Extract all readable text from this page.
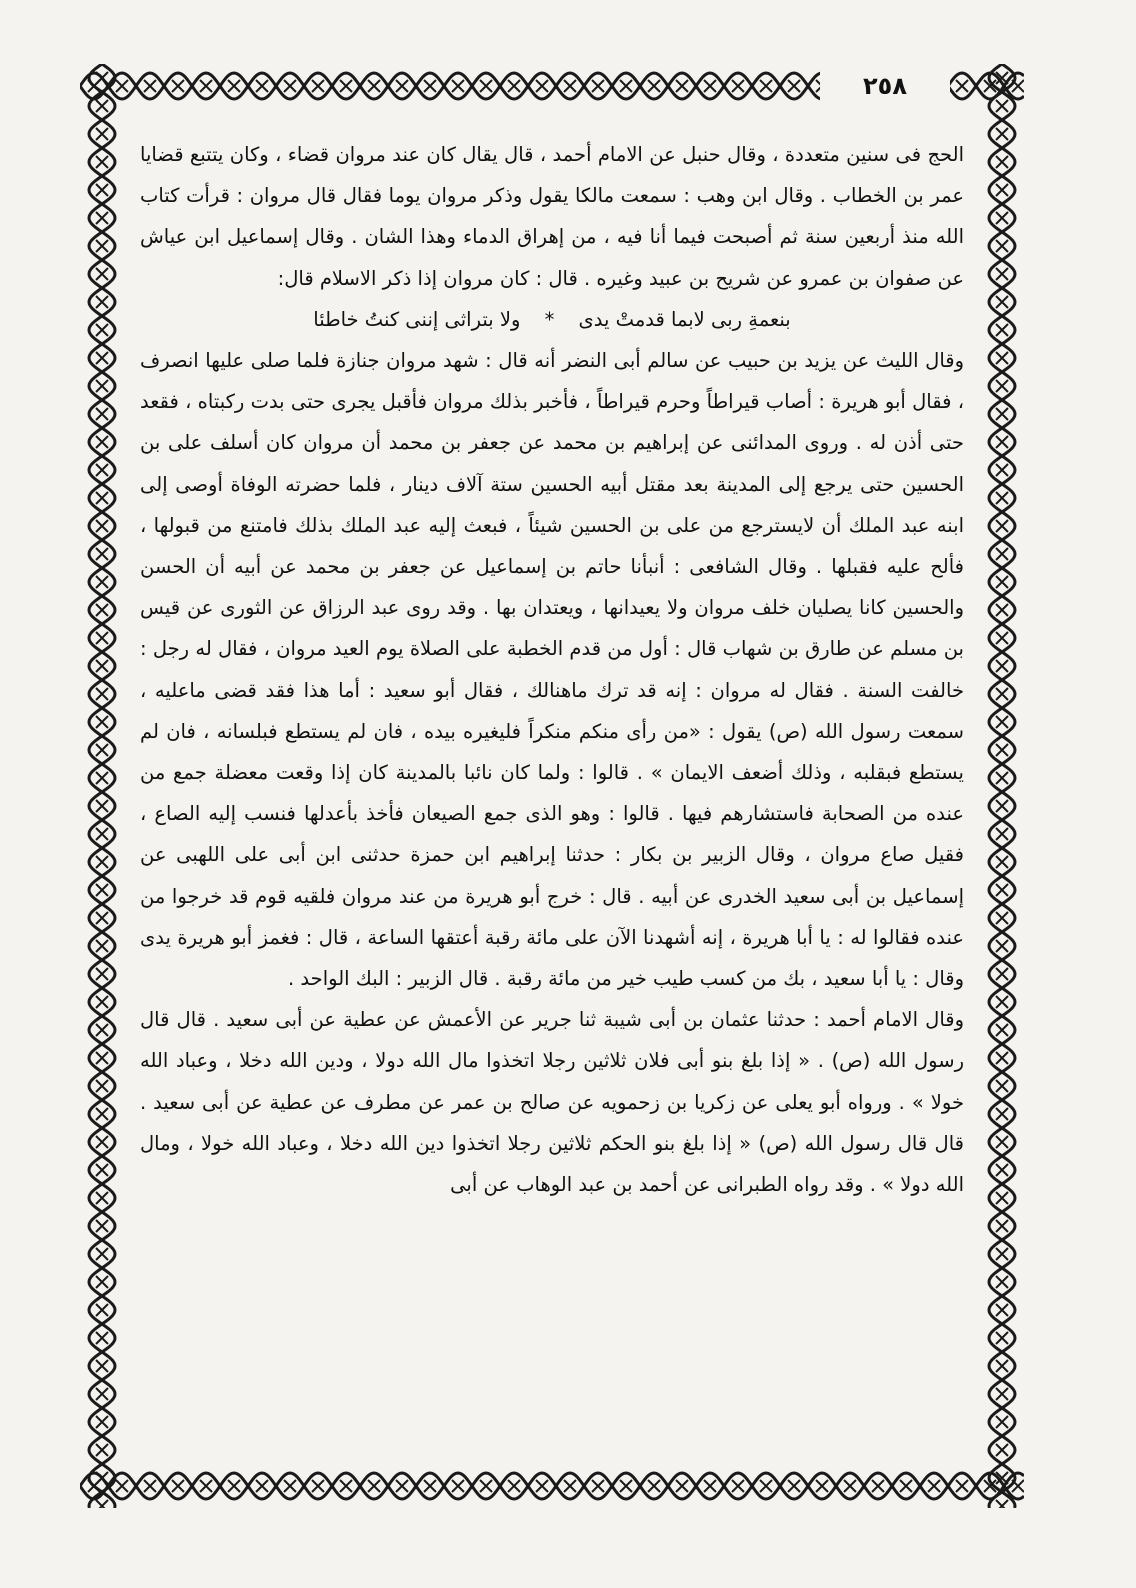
٢٥٨

الحج فى سنين متعددة ، وقال حنبل عن الامام أحمد ، قال يقال كان عند مروان قضاء ، وكان يتتبع قضايا عمر بن الخطاب . وقال ابن وهب : سمعت مالكا يقول وذكر مروان يوما فقال قال مروان : قرأت كتاب الله منذ أربعين سنة ثم أصبحت فيما أنا فيه ، من إهراق الدماء وهذا الشان . وقال إسماعيل ابن عياش عن صفوان بن عمرو عن شريح بن عبيد وغيره . قال : كان مروان إذا ذكر الاسلام قال:

بنعمةِ ربى لابما قدمتْ يدى * ولا بتراثى إننى كنتُ خاطئا

وقال الليث عن يزيد بن حبيب عن سالم أبى النضر أنه قال : شهد مروان جنازة فلما صلى عليها انصرف ، فقال أبو هريرة : أصاب قيراطاً وحرم قيراطاً ، فأخبر بذلك مروان فأقبل يجرى حتى بدت ركبتاه ، فقعد حتى أذن له . وروى المدائنى عن إبراهيم بن محمد عن جعفر بن محمد أن مروان كان أسلف على بن الحسين حتى يرجع إلى المدينة بعد مقتل أبيه الحسين ستة آلاف دينار ، فلما حضرته الوفاة أوصى إلى ابنه عبد الملك أن لايسترجع من على بن الحسين شيئاً ، فبعث إليه عبد الملك بذلك فامتنع من قبولها ، فألح عليه فقبلها . وقال الشافعى : أنبأنا حاتم بن إسماعيل عن جعفر بن محمد عن أبيه أن الحسن والحسين كانا يصليان خلف مروان ولا يعيدانها ، ويعتدان بها . وقد روى عبد الرزاق عن الثورى عن قيس بن مسلم عن طارق بن شهاب قال : أول من قدم الخطبة على الصلاة يوم العيد مروان ، فقال له رجل : خالفت السنة . فقال له مروان : إنه قد ترك ماهنالك ، فقال أبو سعيد : أما هذا فقد قضى ماعليه ، سمعت رسول الله (ص) يقول : «من رأى منكم منكراً فليغيره بيده ، فان لم يستطع فبلسانه ، فان لم يستطع فبقلبه ، وذلك أضعف الايمان » . قالوا : ولما كان نائبا بالمدينة كان إذا وقعت معضلة جمع من عنده من الصحابة فاستشارهم فيها . قالوا : وهو الذى جمع الصيعان فأخذ بأعدلها فنسب إليه الصاع ، فقيل صاع مروان ، وقال الزبير بن بكار : حدثنا إبراهيم ابن حمزة حدثنى ابن أبى على اللهبى عن إسماعيل بن أبى سعيد الخدرى عن أبيه . قال : خرج أبو هريرة من عند مروان فلقيه قوم قد خرجوا من عنده فقالوا له : يا أبا هريرة ، إنه أشهدنا الآن على مائة رقبة أعتقها الساعة ، قال : فغمز أبو هريرة يدى وقال : يا أبا سعيد ، بك من كسب طيب خير من مائة رقبة . قال الزبير : البك الواحد .

وقال الامام أحمد : حدثنا عثمان بن أبى شيبة ثنا جرير عن الأعمش عن عطية عن أبى سعيد . قال قال رسول الله (ص) . « إذا بلغ بنو أبى فلان ثلاثين رجلا اتخذوا مال الله دولا ، ودين الله دخلا ، وعباد الله خولا » . ورواه أبو يعلى عن زكريا بن زحمويه عن صالح بن عمر عن مطرف عن عطية عن أبى سعيد . قال قال رسول الله (ص) « إذا بلغ بنو الحكم ثلاثين رجلا اتخذوا دين الله دخلا ، وعباد الله خولا ، ومال الله دولا » . وقد رواه الطبرانى عن أحمد بن عبد الوهاب عن أبى
